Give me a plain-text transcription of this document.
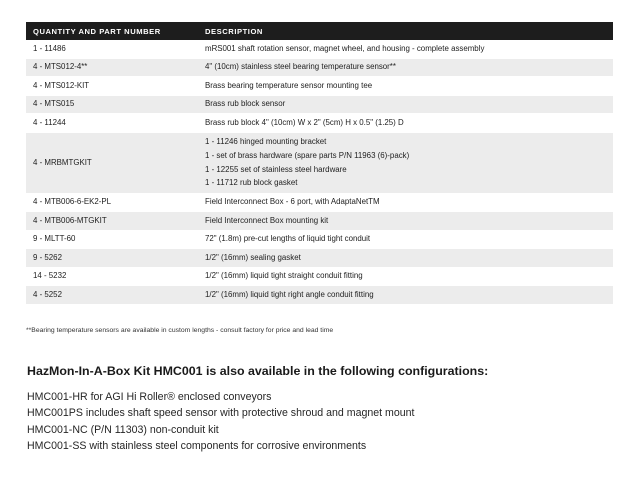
QUANTITY AND PART NUMBER	DESCRIPTION
1 - 11486	mRS001 shaft rotation sensor, magnet wheel, and housing - complete assembly

4 - MTS012-4**	4" (10cm) stainless steel bearing temperature sensor**

4 - MTS012-KIT	Brass bearing temperature sensor mounting tee

4 - MTS015	Brass rub block sensor

4 - 11244	Brass rub block 4" (10cm) W x 2" (5cm) H x 0.5" (1.25) D

4 - MRBMTGKIT	1 - 11246 hinged mounting bracket
1 - set of brass hardware (spare parts P/N 11963 (6)-pack)
1 - 12255 set of stainless steel hardware
1 - 11712 rub block gasket

4 - MTB006-6-EK2-PL	Field Interconnect Box - 6 port, with AdaptaNetTM

4 - MTB006-MTGKIT	Field Interconnect Box mounting kit

9 - MLTT-60	72" (1.8m) pre-cut lengths of liquid tight conduit

9 - 5262	1/2" (16mm) sealing gasket

14 - 5232	1/2" (16mm) liquid tight straight conduit fitting

4 - 5252	1/2" (16mm) liquid tight right angle conduit fitting
**Bearing temperature sensors are available in custom lengths - consult factory for price and lead time
HazMon-In-A-Box Kit HMC001 is also available in the following configurations:
HMC001-HR for AGI Hi Roller® enclosed conveyors
HMC001PS includes shaft speed sensor with protective shroud and magnet mount
HMC001-NC (P/N 11303) non-conduit kit
HMC001-SS with stainless steel components for corrosive environments
